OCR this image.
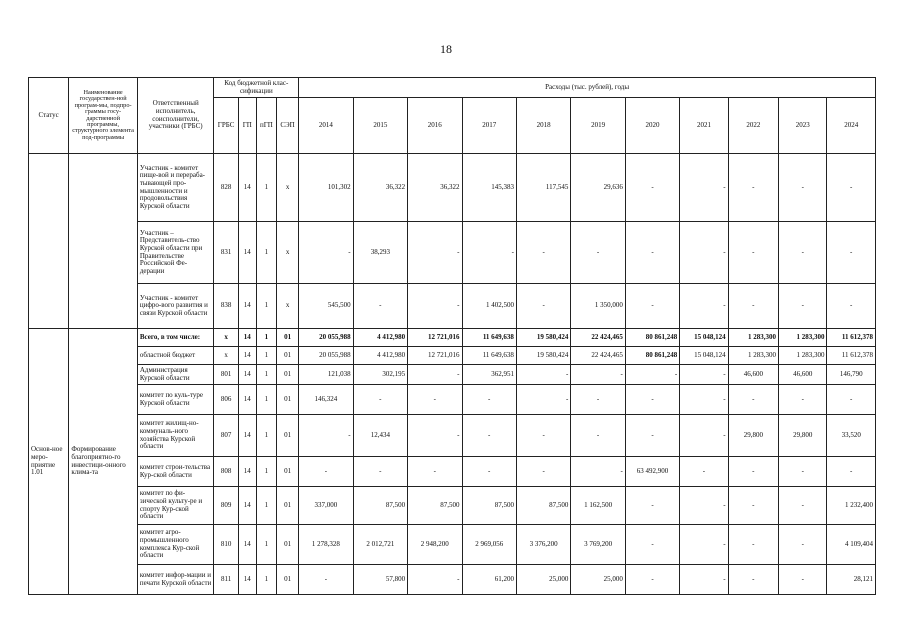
18
Статус	Наименование государствен-ной програм-мы, подпро-граммы госу-дарственной программы, структурного элемента под-программы	Ответственный исполнитель, соисполнители, участники (ГРБС)	Код бюджетной клас-сификации				Расходы (тыс. рублей), годы										
			ГРБС	ГП	пГП	СЭП	2014	2015	2016	2017	2018	2019	2020	2021	2022	2023	2024
		Участник - комитет пище-вой и перераба-тывающей про-мышленности и продовольствия Курской области	828	14	1	х	101,302	36,322	36,322	145,383	117,545	29,636	-	-	-	-	-
		Участник – Представитель-ство Курской области при Правительстве Российской Фе-дерации	831	14	1	х	-	38,293	-	-	-	-	-	-	-	-	-
		Участник - комитет цифро-вого развития и связи Курской области	838	14	1	х	545,500	-	-	1 402,500	-	1 350,000	-	-	-	-	-
Основ-ное меро-приятие 1.01	Формирование благоприятно-го инвестици-онного клима-та	Всего, в том числе:	х	14	1	01	20 055,988	4 412,980	12 721,016	11 649,638	19 580,424	22 424,465	80 861,248	15 048,124	1 283,300	1 283,300	11 612,378
		областной бюджет	х	14	1	01	20 055,988	4 412,980	12 721,016	11 649,638	19 580,424	22 424,465	80 861,248	15 048,124	1 283,300	1 283,300	11 612,378
		Администрация Курской области	801	14	1	01	121,038	302,195	-	362,951	-	-	-	-	46,600	46,600	146,790
		комитет по куль-туре Курской области	806	14	1	01	146,324	-	-	-	-	-	-	-	-	-	-
		комитет жилищ-но-коммуналь-ного хозяйства Курской области	807	14	1	01	-	12,434	-	-	-	-	-	-	29,800	29,800	33,520
		комитет строи-тельства Кур-ской области	808	14	1	01	-	-	-	-	-	-	63 492,900	-	-	-	-
		комитет по фи-зической культу-ре и спорту Кур-ской области	809	14	1	01	337,000	87,500	87,500	87,500	87,500	1 162,500	-	-	-	-	1 232,400
		комитет агро-промышленного комплекса Кур-ской области	810	14	1	01	1 278,328	2 012,721	2 948,200	2 969,056	3 376,200	3 769,200	-	-	-	-	4 109,404
		комитет инфор-мации и печати Курской области	811	14	1	01	-	57,800	-	61,200	25,000	25,000	-	-	-	-	28,121
